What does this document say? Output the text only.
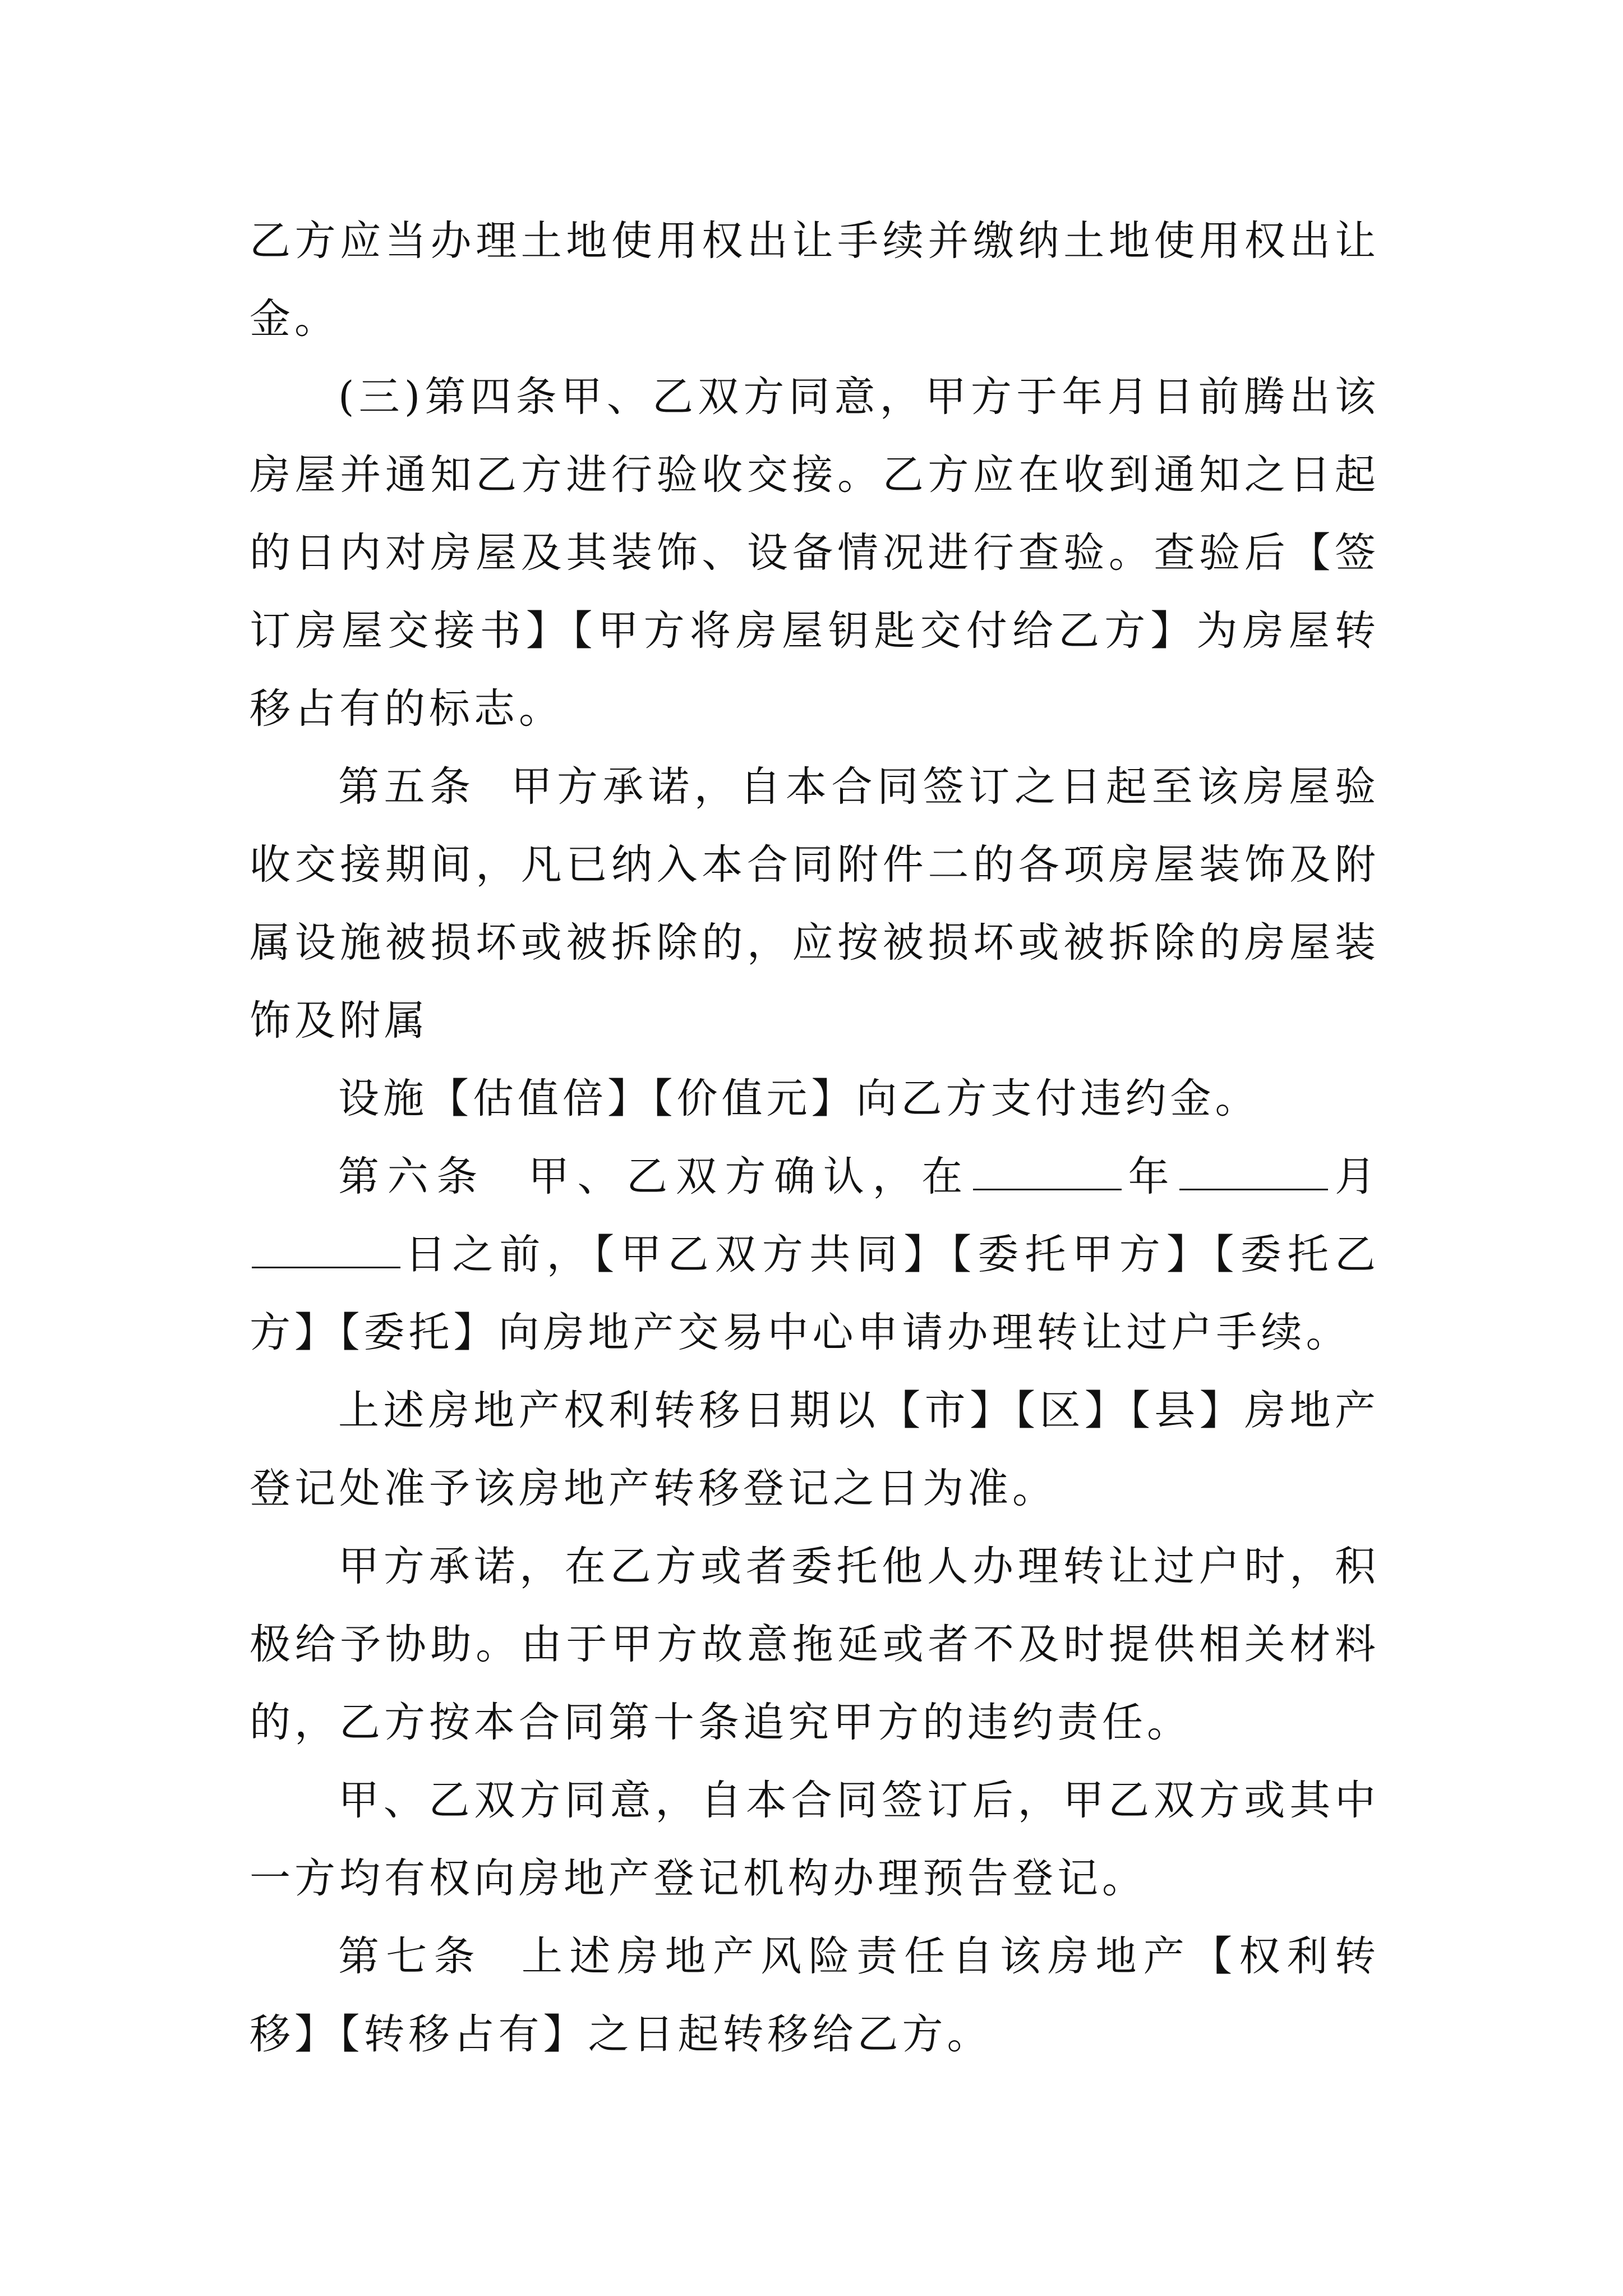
乙方应当办理土地使用权出让手续并缴纳土地使用权出让金。

(三)第四条甲、乙双方同意，甲方于年月日前腾出该房屋并通知乙方进行验收交接。乙方应在收到通知之日起的日内对房屋及其装饰、设备情况进行查验。查验后【签订房屋交接书】【甲方将房屋钥匙交付给乙方】为房屋转移占有的标志。

第五条  甲方承诺，自本合同签订之日起至该房屋验收交接期间，凡已纳入本合同附件二的各项房屋装饰及附属设施被损坏或被拆除的，应按被损坏或被拆除的房屋装饰及附属

设施【估值倍】【价值元】向乙方支付违约金。

第六条  甲、乙双方确认，在	年	月日之前，【甲乙双方共同】【委托甲方】【委托乙方】【委托】向房地产交易中心申请办理转让过户手续。

上述房地产权利转移日期以【市】【区】【县】房地产登记处准予该房地产转移登记之日为准。

甲方承诺，在乙方或者委托他人办理转让过户时，积极给予协助。由于甲方故意拖延或者不及时提供相关材料的，乙方按本合同第十条追究甲方的违约责任。

甲、乙双方同意，自本合同签订后，甲乙双方或其中一方均有权向房地产登记机构办理预告登记。

第七条  上述房地产风险责任自该房地产【权利转移】【转移占有】之日起转移给乙方。
